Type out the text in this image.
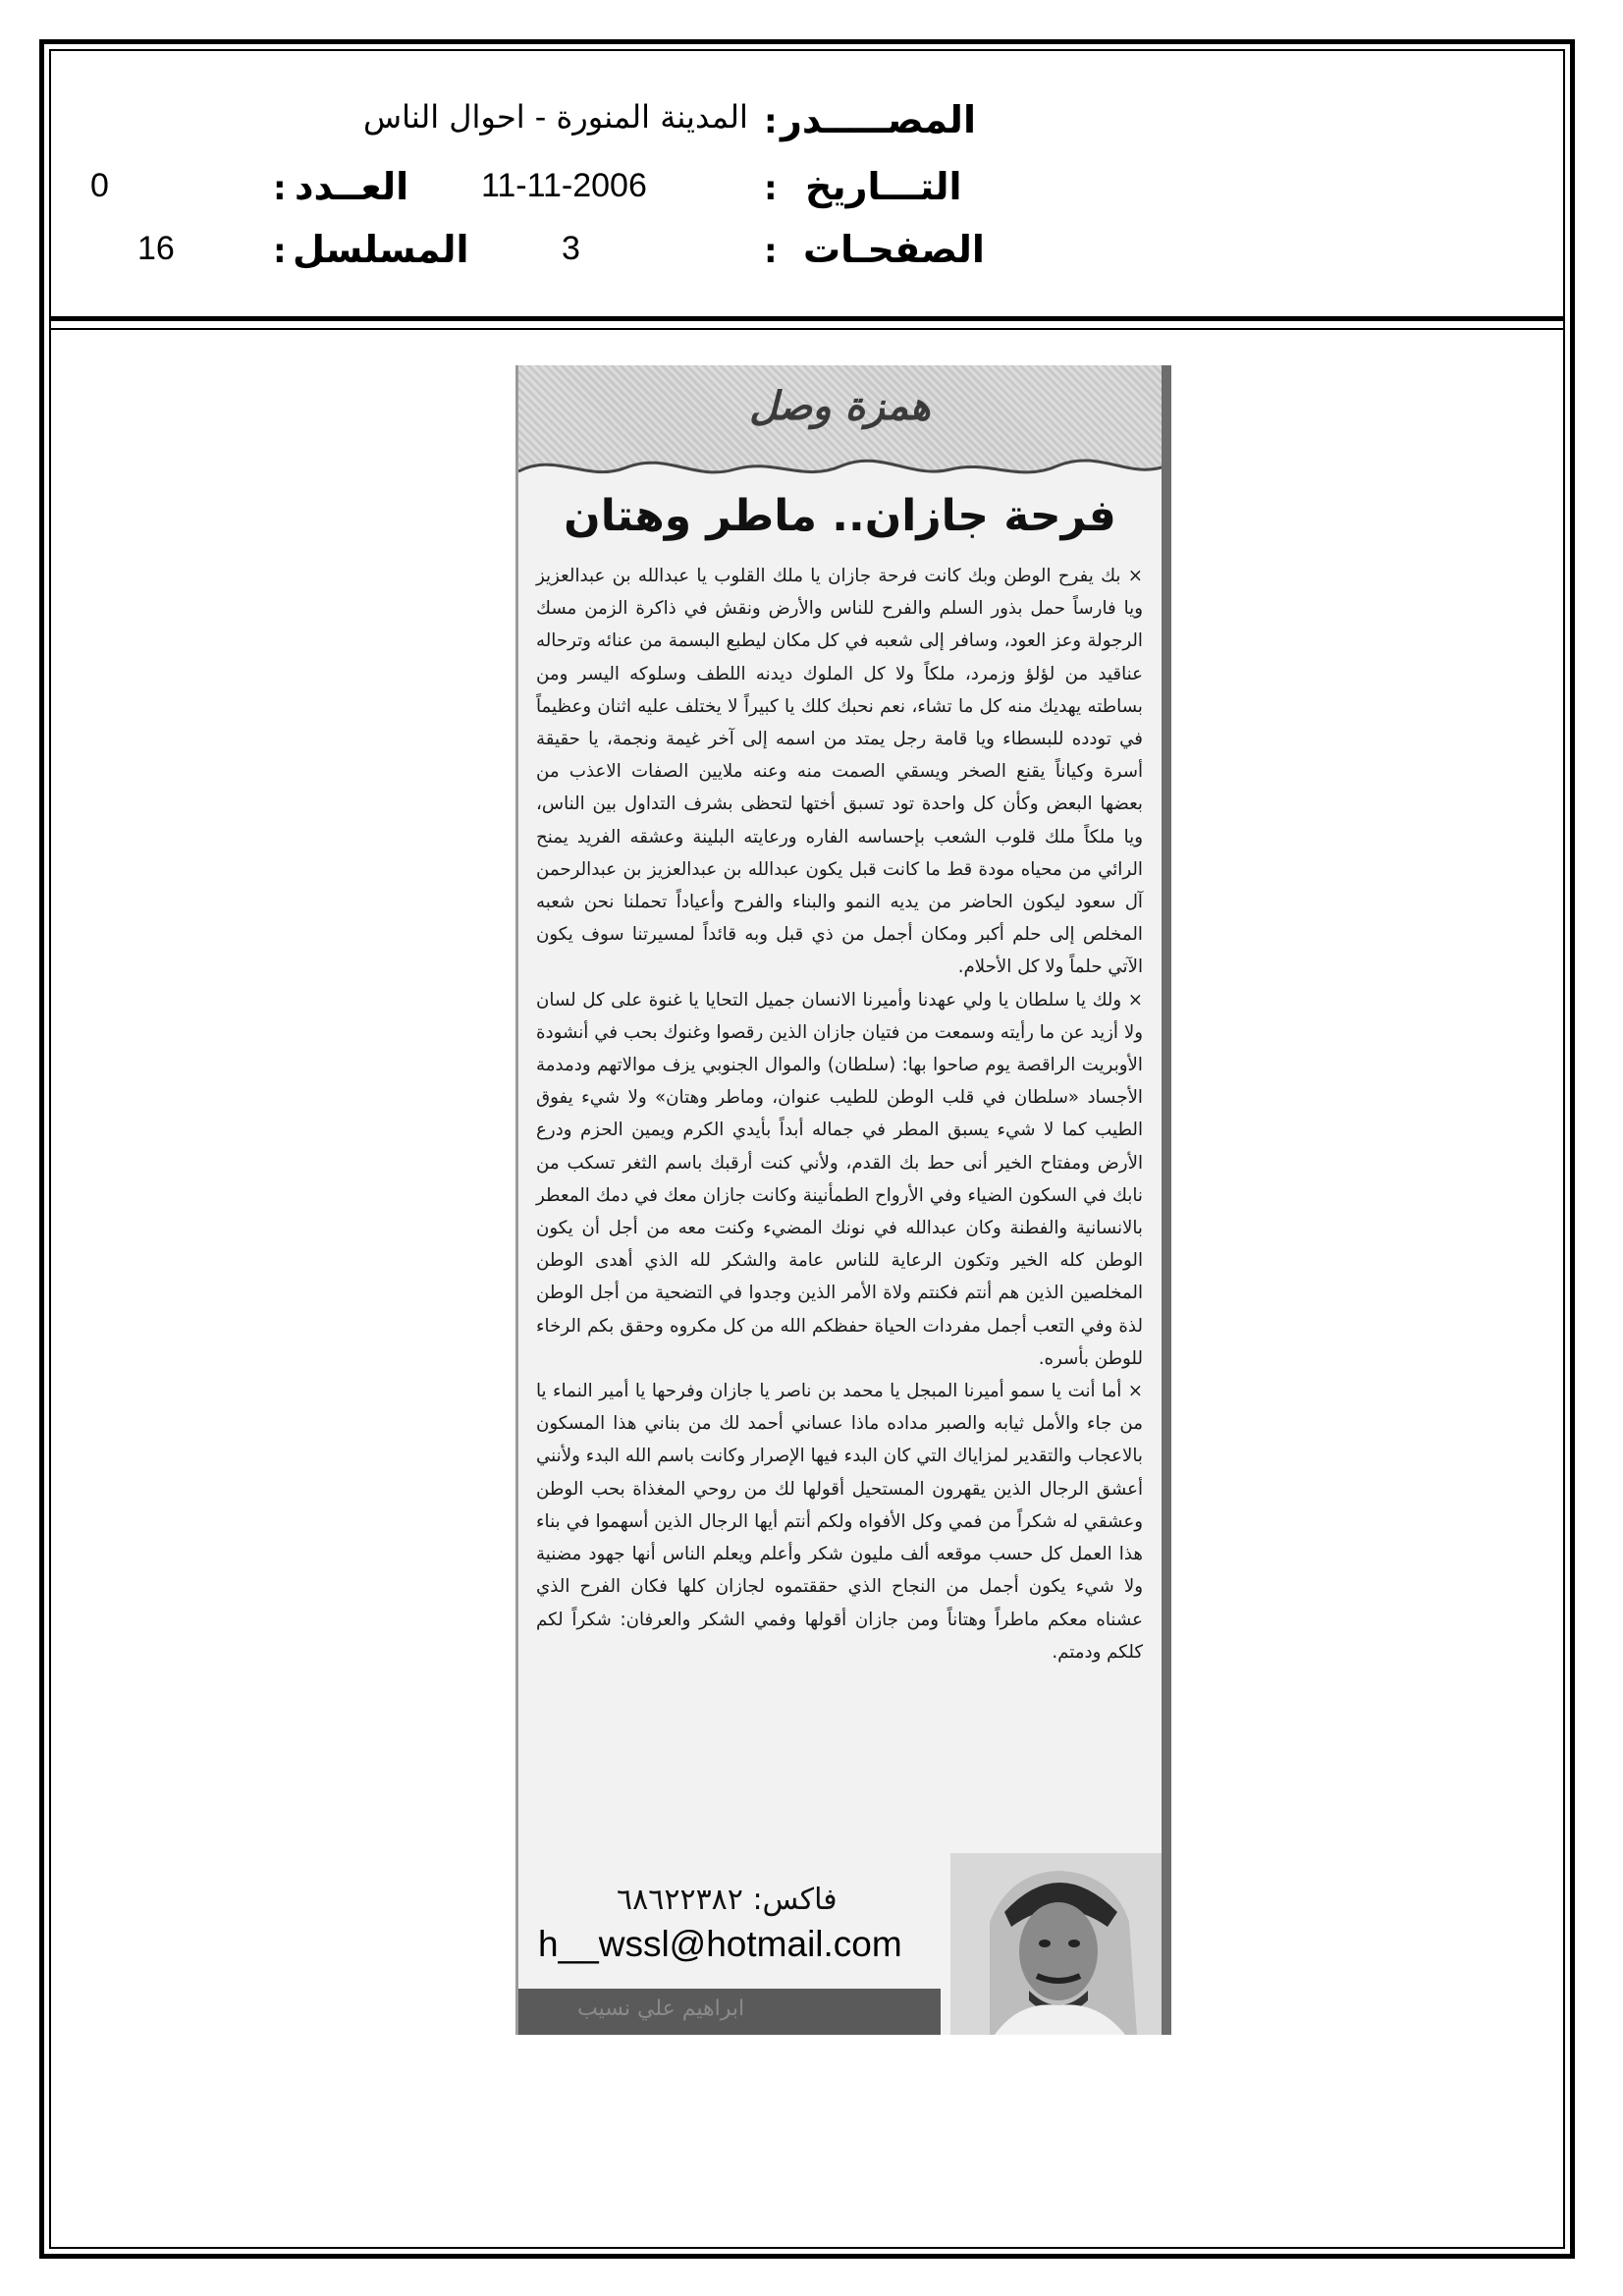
المصـــــدر
:
المدينة المنورة - احوال الناس
التـــاريخ
:
11-11-2006
العــدد
:
0
الصفحـات
:
3
المسلسل
:
16
همزة وصل
فرحة جازان.. ماطر وهتان

× بك يفرح الوطن وبك كانت فرحة جازان يا ملك القلوب يا عبدالله بن عبدالعزيز ويا فارساً حمل بذور السلم والفرح للناس والأرض ونقش في ذاكرة الزمن مسك الرجولة وعز العود، وسافر إلى شعبه في كل مكان ليطبع البسمة من عنائه وترحاله عناقيد من لؤلؤ وزمرد، ملكاً ولا كل الملوك ديدنه اللطف وسلوكه اليسر ومن بساطته يهديك منه كل ما تشاء، نعم نحبك كلك يا كبيراً لا يختلف عليه اثنان وعظيماً في تودده للبسطاء ويا قامة رجل يمتد من اسمه إلى آخر غيمة ونجمة، يا حقيقة أسرة وكياناً يقنع الصخر ويسقي الصمت منه وعنه ملايين الصفات الاعذب من بعضها البعض وكأن كل واحدة تود تسبق أختها لتحظى بشرف التداول بين الناس، ويا ملكاً ملك قلوب الشعب بإحساسه الفاره ورعايته البلينة وعشقه الفريد يمنح الرائي من محياه مودة قط ما كانت قبل يكون عبدالله بن عبدالعزيز بن عبدالرحمن آل سعود ليكون الحاضر من يديه النمو والبناء والفرح وأعياداً تحملنا نحن شعبه المخلص إلى حلم أكبر ومكان أجمل من ذي قبل وبه قائداً لمسيرتنا سوف يكون الآتي حلماً ولا كل الأحلام.

× ولك يا سلطان يا ولي عهدنا وأميرنا الانسان جميل التحايا يا غنوة على كل لسان ولا أزيد عن ما رأيته وسمعت من فتيان جازان الذين رقصوا وغنوك بحب في أنشودة الأوبريت الراقصة يوم صاحوا بها: (سلطان) والموال الجنوبي يزف موالاتهم ودمدمة الأجساد «سلطان في قلب الوطن للطيب عنوان، وماطر وهتان» ولا شيء يفوق الطيب كما لا شيء يسبق المطر في جماله أبداً بأيدي الكرم ويمين الحزم ودرع الأرض ومفتاح الخير أنى حط بك القدم، ولأني كنت أرقبك باسم الثغر تسكب من نابك في السكون الضياء وفي الأرواح الطمأنينة وكانت جازان معك في دمك المعطر بالانسانية والفطنة وكان عبدالله في نونك المضيء وكنت معه من أجل أن يكون الوطن كله الخير وتكون الرعاية للناس عامة والشكر لله الذي أهدى الوطن المخلصين الذين هم أنتم فكنتم ولاة الأمر الذين وجدوا في التضحية من أجل الوطن لذة وفي التعب أجمل مفردات الحياة حفظكم الله من كل مكروه وحقق بكم الرخاء للوطن بأسره.

× أما أنت يا سمو أميرنا المبجل يا محمد بن ناصر يا جازان وفرحها يا أمير النماء يا من جاء والأمل ثيابه والصبر مداده ماذا عساني أحمد لك من بناني هذا المسكون بالاعجاب والتقدير لمزاياك التي كان البدء فيها الإصرار وكانت باسم الله البدء ولأنني أعشق الرجال الذين يقهرون المستحيل أقولها لك من روحي المغذاة بحب الوطن وعشقي له شكراً من فمي وكل الأفواه ولكم أنتم أيها الرجال الذين أسهموا في بناء هذا العمل كل حسب موقعه ألف مليون شكر وأعلم ويعلم الناس أنها جهود مضنية ولا شيء يكون أجمل من النجاح الذي حققتموه لجازان كلها فكان الفرح الذي عشناه معكم ماطراً وهتاناً ومن جازان أقولها وفمي الشكر والعرفان: شكراً لكم كلكم ودمتم.

ابراهيم علي نسيب
فاكس: ٦٨٦٢٢٣٨٢
h__wssl@hotmail.com
